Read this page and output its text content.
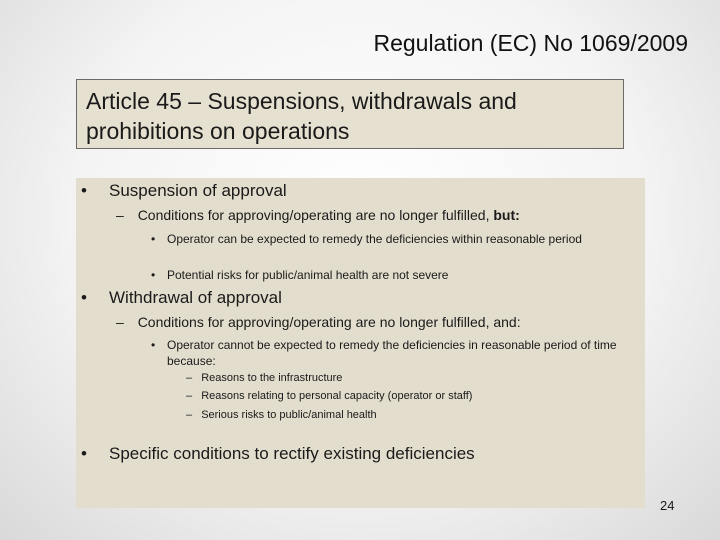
Regulation (EC) No 1069/2009
Article 45 – Suspensions, withdrawals and prohibitions on operations
• Suspension of approval
– Conditions for approving/operating are no longer fulfilled, but:
• Operator can be expected to remedy the deficiencies within reasonable period
• Potential risks for public/animal health are not severe
• Withdrawal of approval
– Conditions for approving/operating are no longer fulfilled, and:
• Operator cannot be expected to remedy the deficiencies in reasonable period of time because:
– Reasons to the infrastructure
– Reasons relating to personal capacity (operator or staff)
– Serious risks to public/animal health
• Specific conditions to rectify existing deficiencies
24
